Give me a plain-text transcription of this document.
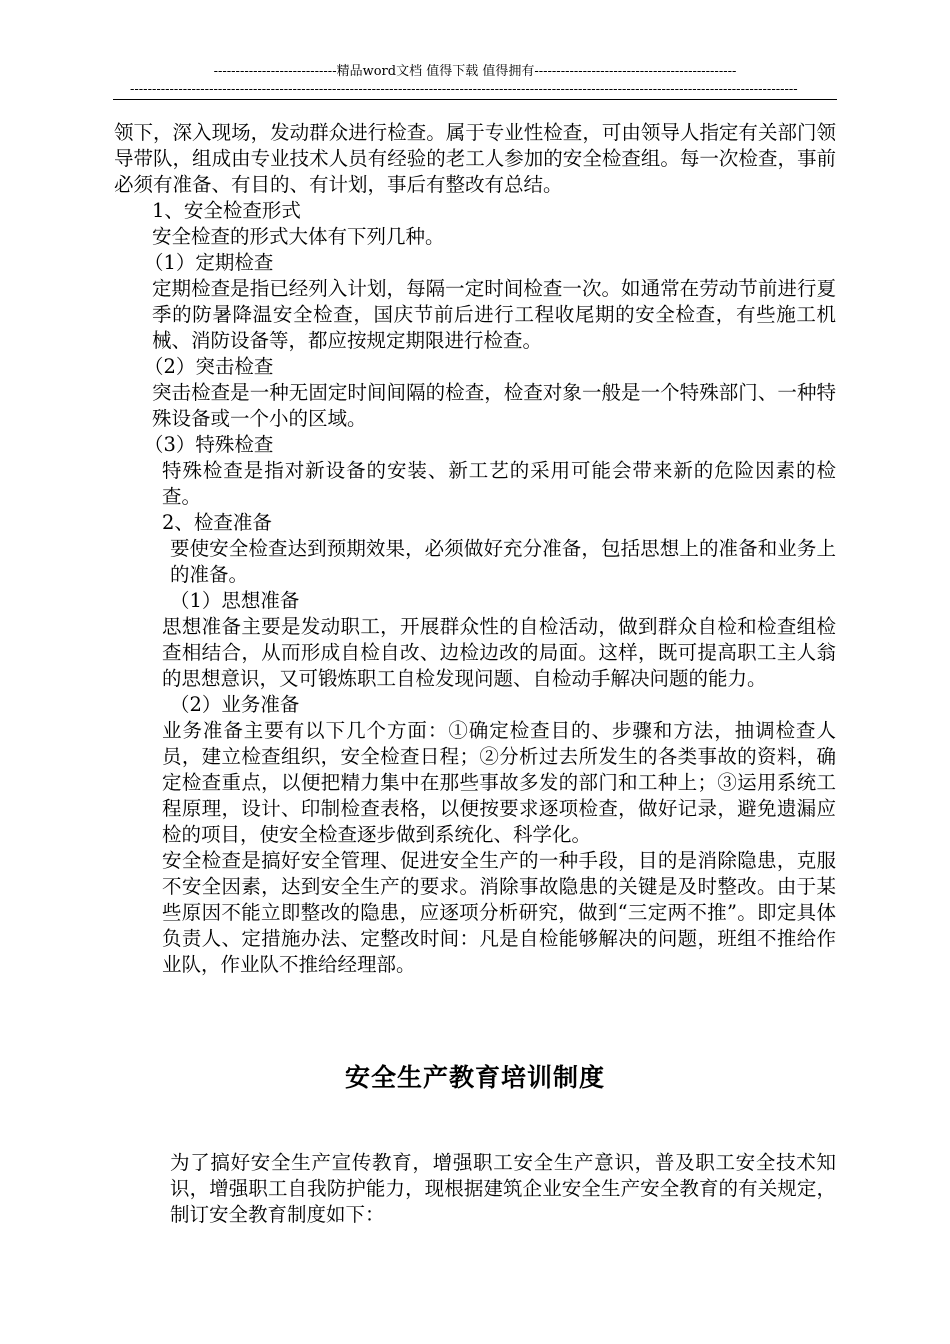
----------------------------精品word文档 值得下载 值得拥有----------------------------------------------
--------------------------------------------------------------------------------------------------------------------------------------------------------

领下，深入现场，发动群众进行检查。属于专业性检查，可由领导人指定有关部门领导带队，组成由专业技术人员有经验的老工人参加的安全检查组。每一次检查，事前必须有准备、有目的、有计划，事后有整改有总结。

1、安全检查形式

安全检查的形式大体有下列几种。

（1）定期检查

定期检查是指已经列入计划，每隔一定时间检查一次。如通常在劳动节前进行夏季的防暑降温安全检查，国庆节前后进行工程收尾期的安全检查，有些施工机械、消防设备等，都应按规定期限进行检查。

（2）突击检查

突击检查是一种无固定时间间隔的检查，检查对象一般是一个特殊部门、一种特殊设备或一个小的区域。

（3）特殊检查

特殊检查是指对新设备的安装、新工艺的采用可能会带来新的危险因素的检查。

2、检查准备

要使安全检查达到预期效果，必须做好充分准备，包括思想上的准备和业务上的准备。

（1）思想准备

思想准备主要是发动职工，开展群众性的自检活动，做到群众自检和检查组检查相结合，从而形成自检自改、边检边改的局面。这样，既可提高职工主人翁的思想意识，又可锻炼职工自检发现问题、自检动手解决问题的能力。

（2）业务准备

业务准备主要有以下几个方面：①确定检查目的、步骤和方法，抽调检查人员，建立检查组织，安全检查日程；②分析过去所发生的各类事故的资料，确定检查重点，以便把精力集中在那些事故多发的部门和工种上；③运用系统工程原理，设计、印制检查表格，以便按要求逐项检查，做好记录，避免遗漏应检的项目，使安全检查逐步做到系统化、科学化。

安全检查是搞好安全管理、促进安全生产的一种手段，目的是消除隐患，克服不安全因素，达到安全生产的要求。消除事故隐患的关键是及时整改。由于某些原因不能立即整改的隐患，应逐项分析研究，做到“三定两不推”。即定具体负责人、定措施办法、定整改时间：凡是自检能够解决的问题，班组不推给作业队，作业队不推给经理部。

安全生产教育培训制度

为了搞好安全生产宣传教育，增强职工安全生产意识，普及职工安全技术知识，增强职工自我防护能力，现根据建筑企业安全生产安全教育的有关规定，制订安全教育制度如下：
